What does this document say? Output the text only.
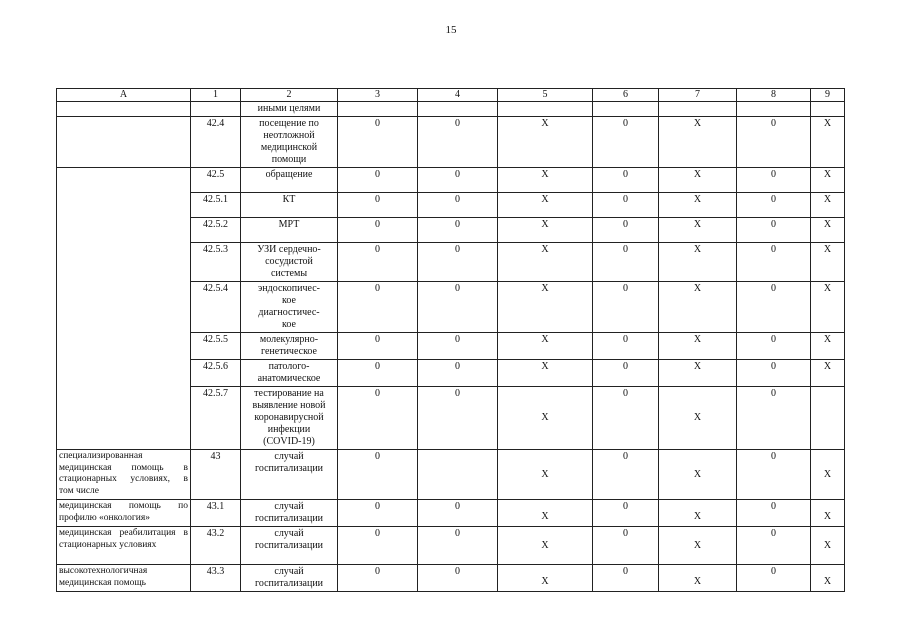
15
А	1	2	3	4	5	6	7	8	9
		иными целями							
	42.4	посещение по
неотложной
медицинской
помощи	0	0	Х	0	Х	0	Х
	42.5	обращение	0	0	Х	0	Х	0	Х
	42.5.1	КТ	0	0	Х	0	Х	0	Х
	42.5.2	МРТ	0	0	Х	0	Х	0	Х
	42.5.3	УЗИ сердечно-
сосудистой
системы	0	0	Х	0	Х	0	Х
	42.5.4	эндоскопичес-
кое
диагностичес-
кое	0	0	Х	0	Х	0	Х
	42.5.5	молекулярно-
генетическое	0	0	Х	0	Х	0	Х
	42.5.6	патолого-
анатомическое	0	0	Х	0	Х	0	Х
	42.5.7	тестирование на
выявление новой
коронавирусной
инфекции
(COVID-19)	0	0	Х	0	Х	0	
специализированная медицинская помощь в стационарных условиях, в
том числе	43	случай
госпитализации	0		Х	0	Х	0	Х
медицинская помощь по
профилю «онкология»	43.1	случай
госпитализации	0	0	Х	0	Х	0	Х
медицинская реабилитация в
стационарных условиях	43.2	случай
госпитализации	0	0	Х	0	Х	0	Х
высокотехнологичная
медицинская помощь	43.3	случай
госпитализации	0	0	Х	0	Х	0	Х
